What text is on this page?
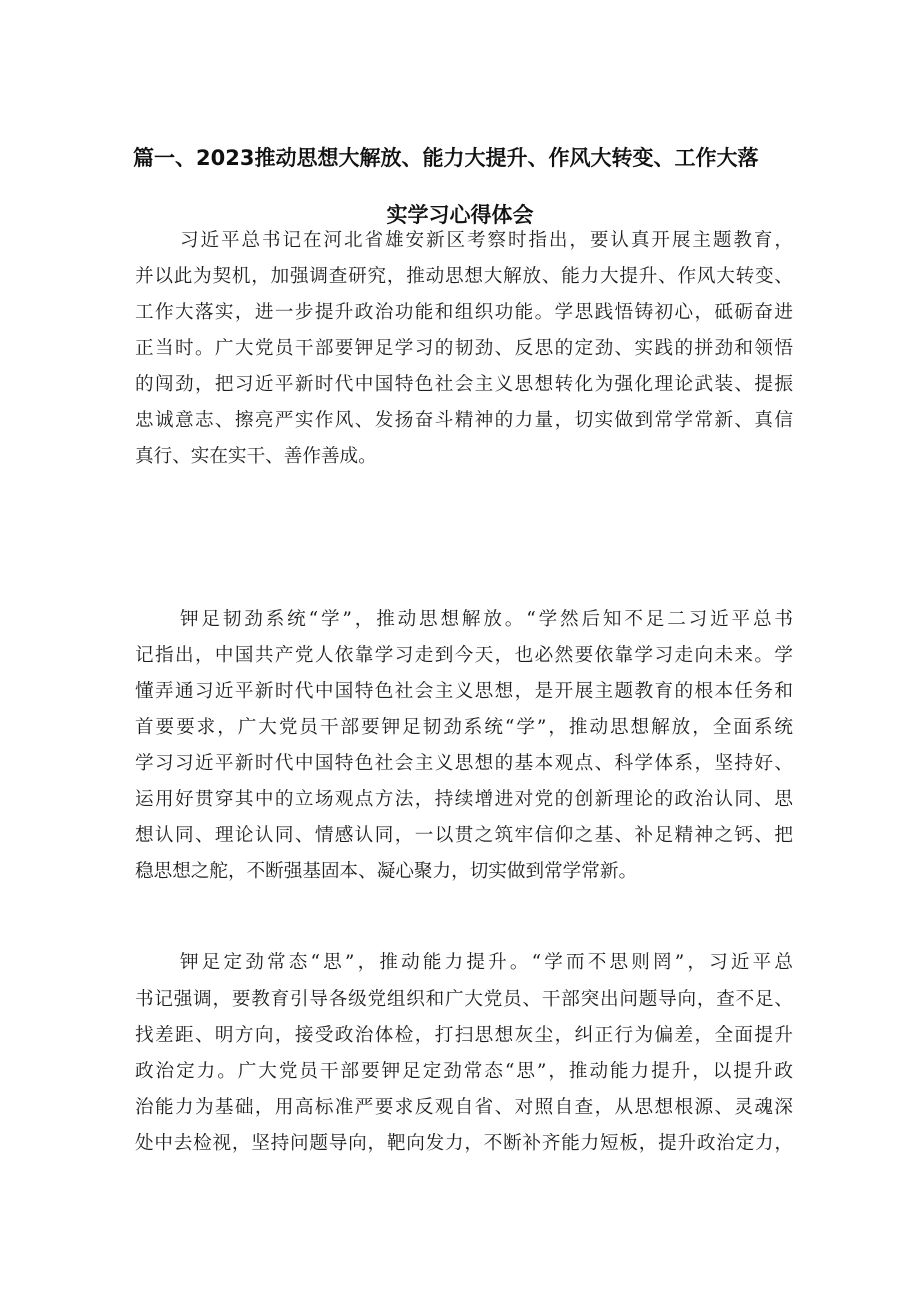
篇一、2023推动思想大解放、能力大提升、作风大转变、工作大落
实学习心得体会
习近平总书记在河北省雄安新区考察时指出，要认真开展主题教育，
并以此为契机，加强调查研究，推动思想大解放、能力大提升、作风大转变、
工作大落实，进一步提升政治功能和组织功能。学思践悟铸初心，砥砺奋进
正当时。广大党员干部要钾足学习的韧劲、反思的定劲、实践的拼劲和领悟
的闯劲，把习近平新时代中国特色社会主义思想转化为强化理论武装、提振
忠诚意志、擦亮严实作风、发扬奋斗精神的力量，切实做到常学常新、真信
真行、实在实干、善作善成。
钾足韧劲系统“学”，推动思想解放。“学然后知不足二习近平总书
记指出，中国共产党人依靠学习走到今天，也必然要依靠学习走向未来。学
懂弄通习近平新时代中国特色社会主义思想，是开展主题教育的根本任务和
首要要求，广大党员干部要钾足韧劲系统“学”，推动思想解放，全面系统
学习习近平新时代中国特色社会主义思想的基本观点、科学体系，坚持好、
运用好贯穿其中的立场观点方法，持续增进对党的创新理论的政治认同、思
想认同、理论认同、情感认同，一以贯之筑牢信仰之基、补足精神之钙、把
稳思想之舵，不断强基固本、凝心聚力，切实做到常学常新。
钾足定劲常态“思”，推动能力提升。“学而不思则罔”，习近平总
书记强调，要教育引导各级党组织和广大党员、干部突出问题导向，查不足、
找差距、明方向，接受政治体检，打扫思想灰尘，纠正行为偏差，全面提升
政治定力。广大党员干部要钾足定劲常态“思”，推动能力提升，以提升政
治能力为基础，用高标准严要求反观自省、对照自查，从思想根源、灵魂深
处中去检视，坚持问题导向，靶向发力，不断补齐能力短板，提升政治定力，
